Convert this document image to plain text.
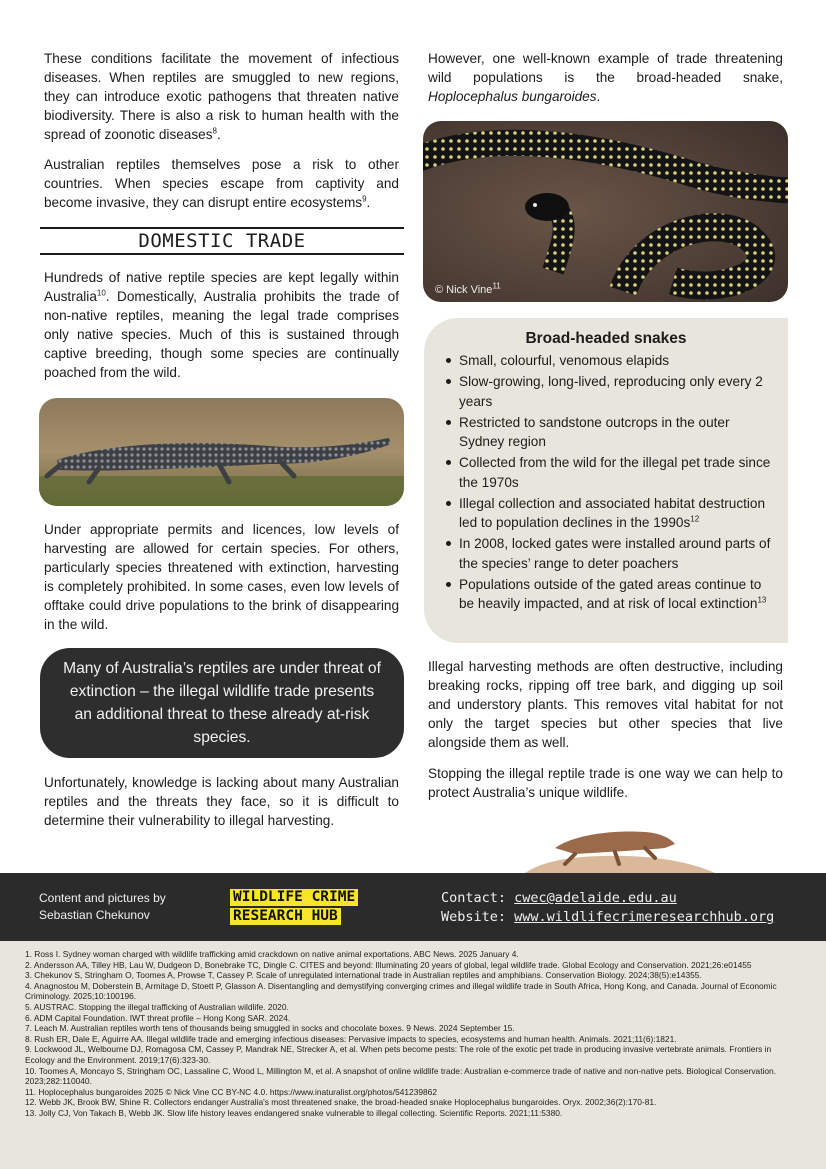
These conditions facilitate the movement of infectious diseases. When reptiles are smuggled to new regions, they can introduce exotic pathogens that threaten native biodiversity. There is also a risk to human health with the spread of zoonotic diseases$^8$.

Australian reptiles themselves pose a risk to other countries. When species escape from captivity and become invasive, they can disrupt entire ecosystems$^9$.

DOMESTIC TRADE

Hundreds of native reptile species are kept legally within Australia$^{10}$. Domestically, Australia prohibits the trade of non-native reptiles, meaning the legal trade comprises only native species. Much of this is sustained through captive breeding, though some species are continually poached from the wild.

Under appropriate permits and licences, low levels of harvesting are allowed for certain species. For others, particularly species threatened with extinction, harvesting is completely prohibited. In some cases, even low levels of offtake could drive populations to the brink of disappearing in the wild.

Many of Australia’s reptiles are under threat of extinction – the illegal wildlife trade presents an additional threat to these already at-risk species.

Unfortunately, knowledge is lacking about many Australian reptiles and the threats they face, so it is difficult to determine their vulnerability to illegal harvesting.

However, one well-known example of trade threatening wild populations is the broad-headed snake, Hoplocephalus bungaroides.

© Nick Vine$^{11}$
Broad-headed snakes
Small, colourful, venomous elapids
Slow-growing, long-lived, reproducing only every 2 years
Restricted to sandstone outcrops in the outer Sydney region
Collected from the wild for the illegal pet trade since the 1970s
Illegal collection and associated habitat destruction led to population declines in the $1990s^{12}$
In 2008, locked gates were installed around parts of the species’ range to deter poachers
Populations outside of the gated areas continue to be heavily impacted, and at risk of local extinction$^{13}$

Illegal harvesting methods are often destructive, including breaking rocks, ripping off tree bark, and digging up soil and understory plants. This removes vital habitat for not only the target species but other species that live alongside them as well.

Stopping the illegal reptile trade is one way we can help to protect Australia’s unique wildlife.

Content and pictures by
Sebastian Chekunov
WILDLIFE CRIME
RESEARCH HUB
Contact: cwec@adelaide.edu.au
Website: www.wildlifecrimeresearchhub.org
1. Ross I. Sydney woman charged with wildlife trafficking amid crackdown on native animal exportations. ABC News. 2025 January 4.
2. Andersson AA, Tilley HB, Lau W, Dudgeon D, Bonebrake TC, Dingle C. CITES and beyond: Illuminating 20 years of global, legal wildlife trade. Global Ecology and Conservation. 2021;26:e01455
3. Chekunov S, Stringham O, Toomes A, Prowse T, Cassey P. Scale of unregulated international trade in Australian reptiles and amphibians. Conservation Biology. 2024;38(5):e14355.
4. Anagnostou M, Doberstein B, Armitage D, Stoett P, Glasson A. Disentangling and demystifying converging crimes and illegal wildlife trade in South Africa, Hong Kong, and Canada. Journal of Economic Criminology. 2025;10:100196.
5. AUSTRAC. Stopping the illegal trafficking of Australian wildlife. 2020.
6. ADM Capital Foundation. IWT threat profile – Hong Kong SAR. 2024.
7. Leach M. Australian reptiles worth tens of thousands being smuggled in socks and chocolate boxes. 9 News. 2024 September 15.
8. Rush ER, Dale E, Aguirre AA. Illegal wildlife trade and emerging infectious diseases: Pervasive impacts to species, ecosystems and human health. Animals. 2021;11(6):1821.
9. Lockwood JL, Welbourne DJ, Romagosa CM, Cassey P, Mandrak NE, Strecker A, et al. When pets become pests: The role of the exotic pet trade in producing invasive vertebrate animals. Frontiers in Ecology and the Environment. 2019;17(6):323-30.
10. Toomes A, Moncayo S, Stringham OC, Lassaline C, Wood L, Millington M, et al. A snapshot of online wildlife trade: Australian e-commerce trade of native and non-native pets. Biological Conservation. 2023;282:110040.
11. Hoplocephalus bungaroides 2025 © Nick Vine CC BY-NC 4.0. https://www.inaturalist.org/photos/541239862
12. Webb JK, Brook BW, Shine R. Collectors endanger Australia's most threatened snake, the broad-headed snake Hoplocephalus bungaroides. Oryx. 2002;36(2):170-81.
13. Jolly CJ, Von Takach B, Webb JK. Slow life history leaves endangered snake vulnerable to illegal collecting. Scientific Reports. 2021;11:5380.
